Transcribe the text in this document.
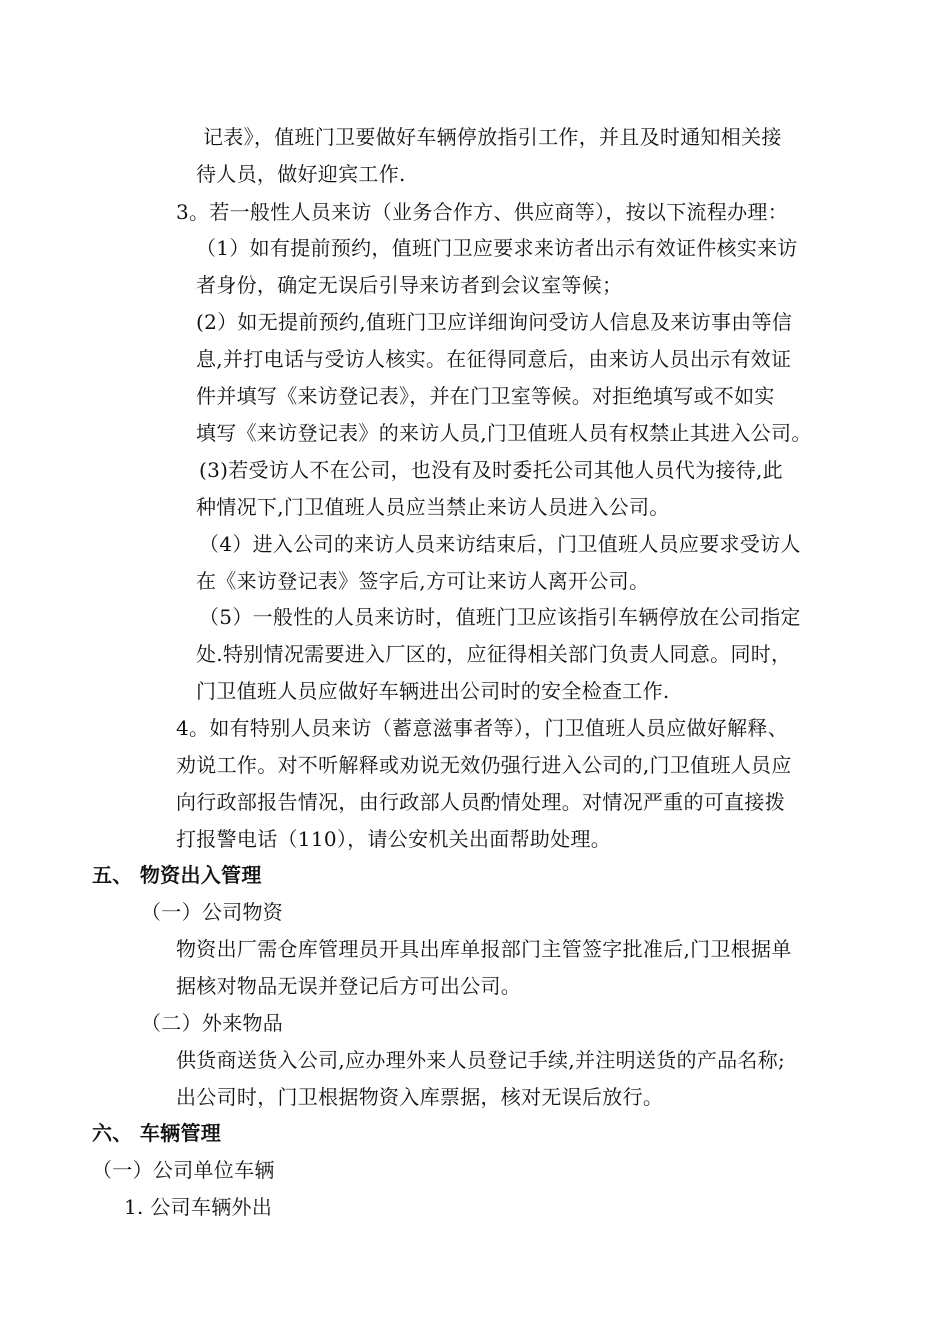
记表》，值班门卫要做好车辆停放指引工作，并且及时通知相关接
待人员，做好迎宾工作.
3。若一般性人员来访（业务合作方、供应商等），按以下流程办理：
（1）如有提前预约，值班门卫应要求来访者出示有效证件核实来访
者身份，确定无误后引导来访者到会议室等候；
(2）如无提前预约,值班门卫应详细询问受访人信息及来访事由等信
息,并打电话与受访人核实。在征得同意后，由来访人员出示有效证
件并填写《来访登记表》，并在门卫室等候。对拒绝填写或不如实
填写《来访登记表》的来访人员,门卫值班人员有权禁止其进入公司。
(3)若受访人不在公司，也没有及时委托公司其他人员代为接待,此
种情况下,门卫值班人员应当禁止来访人员进入公司。
（4）进入公司的来访人员来访结束后，门卫值班人员应要求受访人
在《来访登记表》签字后,方可让来访人离开公司。
（5）一般性的人员来访时，值班门卫应该指引车辆停放在公司指定
处.特别情况需要进入厂区的，应征得相关部门负责人同意。同时，
门卫值班人员应做好车辆进出公司时的安全检查工作.
4。如有特别人员来访（蓄意滋事者等），门卫值班人员应做好解释、
劝说工作。对不听解释或劝说无效仍强行进入公司的,门卫值班人员应
向行政部报告情况，由行政部人员酌情处理。对情况严重的可直接拨
打报警电话（110），请公安机关出面帮助处理。
五、 物资出入管理
（一）公司物资
物资出厂需仓库管理员开具出库单报部门主管签字批准后,门卫根据单
据核对物品无误并登记后方可出公司。
（二）外来物品
供货商送货入公司,应办理外来人员登记手续,并注明送货的产品名称;
出公司时，门卫根据物资入库票据，核对无误后放行。
六、 车辆管理
（一）公司单位车辆
1. 公司车辆外出
